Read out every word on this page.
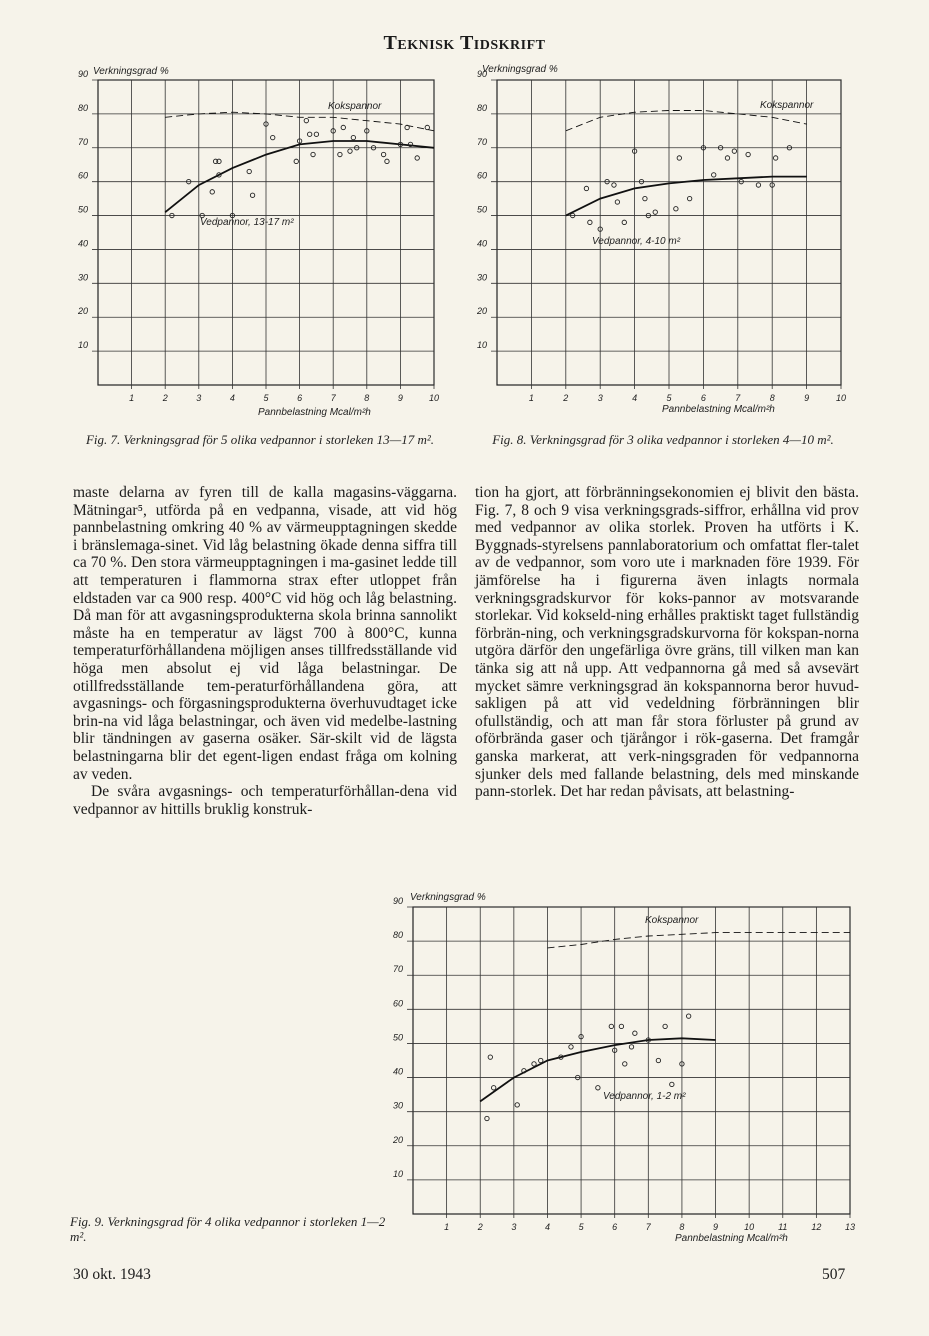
Teknisk Tidskrift
Verkningsgrad %
Kokspannor
Vedpannor, 13-17 m²
Pannbelastning Mcal/m²h
10
20
30
40
50
60
70
80
90
1	2	3	4	5	6	7	8	9	10
Fig. 7. Verkningsgrad för 5 olika vedpannor i storleken 13—17 m².
Verkningsgrad %
Kokspannor
Vedpannor, 4-10 m²
Pannbelastning Mcal/m²h
10
20
30
40
50
60
70
80
90
1	2	3	4	5	6	7	8	9	10
Fig. 8. Verkningsgrad för 3 olika vedpannor i storleken 4—10 m².

maste delarna av fyren till de kalla magasins-väggarna. Mätningar⁵, utförda på en vedpanna, visade, att vid hög pannbelastning omkring 40 % av värmeupptagningen skedde i bränslemaga-sinet. Vid låg belastning ökade denna siffra till ca 70 %. Den stora värmeupptagningen i ma-gasinet ledde till att temperaturen i flammorna strax efter utloppet från eldstaden var ca 900 resp. 400°C vid hög och låg belastning. Då man för att avgasningsprodukterna skola brinna sannolikt måste ha en temperatur av lägst 700 à 800°C, kunna temperaturförhållandena möjligen anses tillfredsställande vid höga men absolut ej vid låga belastningar. De otillfredsställande tem-peraturförhållandena göra, att avgasnings- och förgasningsprodukterna överhuvudtaget icke brin-na vid låga belastningar, och även vid medelbe-lastning blir tändningen av gaserna osäker. Sär-skilt vid de lägsta belastningarna blir det egent-ligen endast fråga om kolning av veden.

De svåra avgasnings- och temperaturförhållan-dena vid vedpannor av hittills bruklig konstruk-

tion ha gjort, att förbränningsekonomien ej blivit den bästa. Fig. 7, 8 och 9 visa verkningsgrads-siffror, erhållna vid prov med vedpannor av olika storlek. Proven ha utförts i K. Byggnads-styrelsens pannlaboratorium och omfattat fler-talet av de vedpannor, som voro ute i marknaden före 1939. För jämförelse ha i figurerna även inlagts normala verkningsgradskurvor för koks-pannor av motsvarande storlekar. Vid kokseld-ning erhålles praktiskt taget fullständig förbrän-ning, och verkningsgradskurvorna för kokspan-norna utgöra därför den ungefärliga övre gräns, till vilken man kan tänka sig att nå upp. Att vedpannorna gå med så avsevärt mycket sämre verkningsgrad än kokspannorna beror huvud-sakligen på att vid vedeldning förbränningen blir ofullständig, och att man får stora förluster på grund av oförbrända gaser och tjärångor i rök-gaserna. Det framgår ganska markerat, att verk-ningsgraden för vedpannorna sjunker dels med fallande belastning, dels med minskande pann-storlek. Det har redan påvisats, att belastning-

Verkningsgrad %
Kokspannor
Vedpannor, 1-2 m²
Pannbelastning Mcal/m²h
10
20
30
40
50
60
70
80
90
1	2	3	4	5	6	7	8	9	10	11	12	13
Fig. 9. Verkningsgrad för 4 olika vedpannor i storleken 1—2 m².
30 okt. 1943	507
